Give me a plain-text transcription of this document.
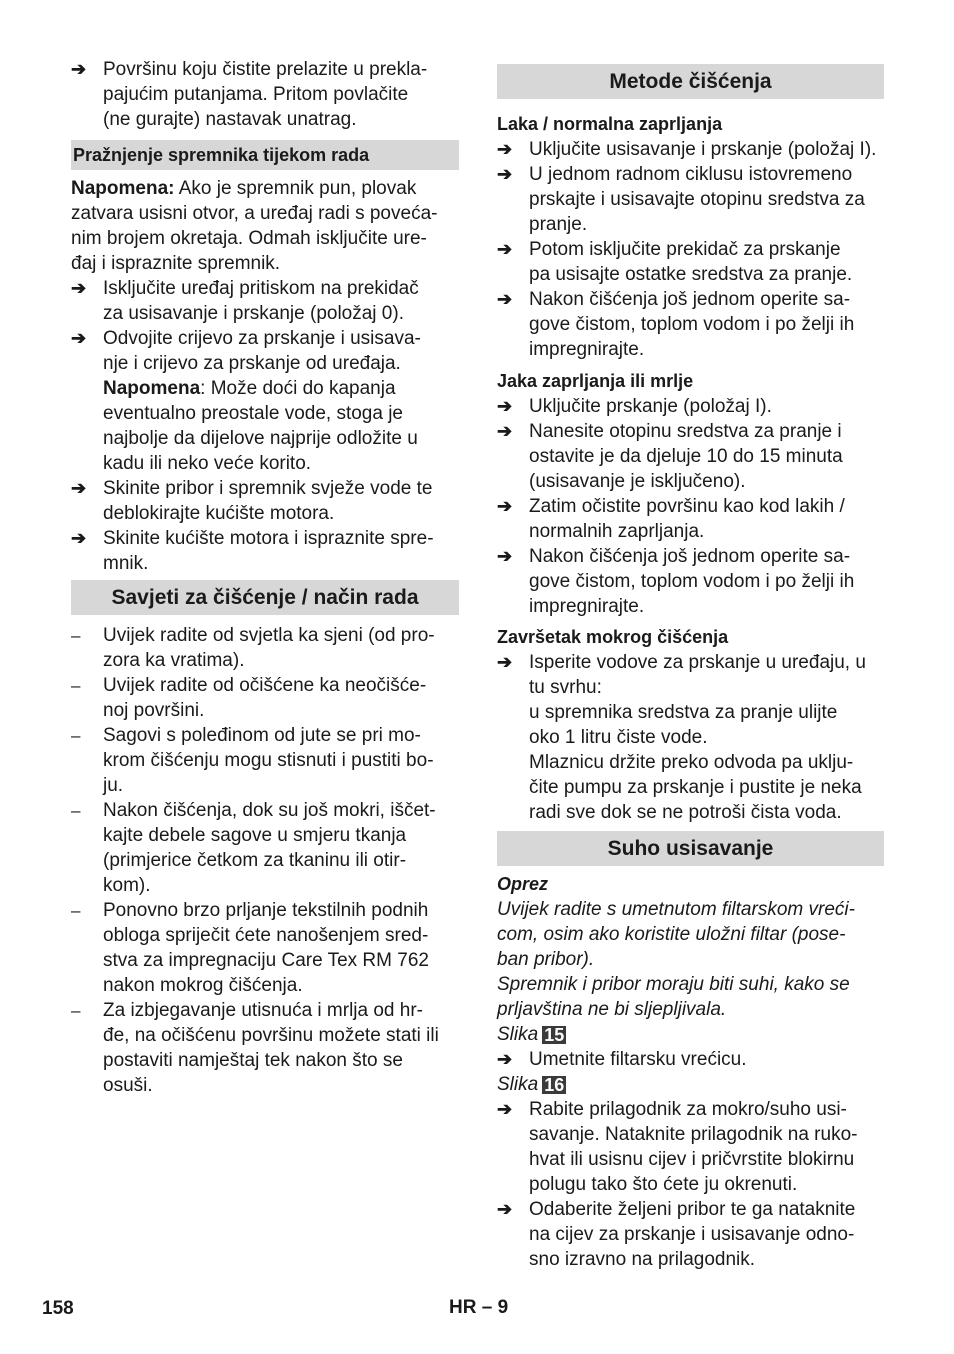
➔ Površinu koju čistite prelazite u prekla-

pajućim putanjama. Pritom povlačite

(ne gurajte) nastavak unatrag.

Pražnjenje spremnika tijekom rada

Napomena: Ako je spremnik pun, plovak

zatvara usisni otvor, a uređaj radi s poveća-

nim brojem okretaja. Odmah isključite ure-

đaj i ispraznite spremnik.

➔ Isključite uređaj pritiskom na prekidač

za usisavanje i prskanje (položaj 0).

➔ Odvojite crijevo za prskanje i usisava-

nje i crijevo za prskanje od uređaja.

Napomena: Može doći do kapanja

eventualno preostale vode, stoga je

najbolje da dijelove najprije odložite u

kadu ili neko veće korito.

➔ Skinite pribor i spremnik svježe vode te

deblokirajte kućište motora.

➔ Skinite kućište motora i ispraznite spre-

mnik.

Savjeti za čišćenje / način rada

– Uvijek radite od svjetla ka sjeni (od pro-

zora ka vratima).

– Uvijek radite od očišćene ka neočišće-

noj površini.

– Sagovi s poleđinom od jute se pri mo-

krom čišćenju mogu stisnuti i pustiti bo-

ju.

– Nakon čišćenja, dok su još mokri, iščet-

kajte debele sagove u smjeru tkanja

(primjerice četkom za tkaninu ili otir-

kom).

– Ponovno brzo prljanje tekstilnih podnih

obloga spriječit ćete nanošenjem sred-

stva za impregnaciju Care Tex RM 762

nakon mokrog čišćenja.

– Za izbjegavanje utisnuća i mrlja od hr-

đe, na očišćenu površinu možete stati ili

postaviti namještaj tek nakon što se

osuši.

Metode čišćenja

Laka / normalna zaprljanja

➔ Uključite usisavanje i prskanje (položaj I).

➔ U jednom radnom ciklusu istovremeno

prskajte i usisavajte otopinu sredstva za

pranje.

➔ Potom isključite prekidač za prskanje

pa usisajte ostatke sredstva za pranje.

➔ Nakon čišćenja još jednom operite sa-

gove čistom, toplom vodom i po želji ih

impregnirajte.

Jaka zaprljanja ili mrlje

➔ Uključite prskanje (položaj I).

➔ Nanesite otopinu sredstva za pranje i

ostavite je da djeluje 10 do 15 minuta

(usisavanje je isključeno).

➔ Zatim očistite površinu kao kod lakih /

normalnih zaprljanja.

➔ Nakon čišćenja još jednom operite sa-

gove čistom, toplom vodom i po želji ih

impregnirajte.

Završetak mokrog čišćenja

➔ Isperite vodove za prskanje u uređaju, u

tu svrhu:

u spremnika sredstva za pranje ulijte

oko 1 litru čiste vode.

Mlaznicu držite preko odvoda pa uklju-

čite pumpu za prskanje i pustite je neka

radi sve dok se ne potroši čista voda.

Suho usisavanje

Oprez

Uvijek radite s umetnutom filtarskom vreći-

com, osim ako koristite uložni filtar (pose-

ban pribor).

Spremnik i pribor moraju biti suhi, kako se

prljavština ne bi sljepljivala.

Slika 15

➔ Umetnite filtarsku vrećicu.

Slika 16

➔ Rabite prilagodnik za mokro/suho usi-

savanje. Nataknite prilagodnik na ruko-

hvat ili usisnu cijev i pričvrstite blokirnu

polugu tako što ćete ju okrenuti.

➔ Odaberite željeni pribor te ga nataknite

na cijev za prskanje i usisavanje odno-

sno izravno na prilagodnik.

158	HR – 9
